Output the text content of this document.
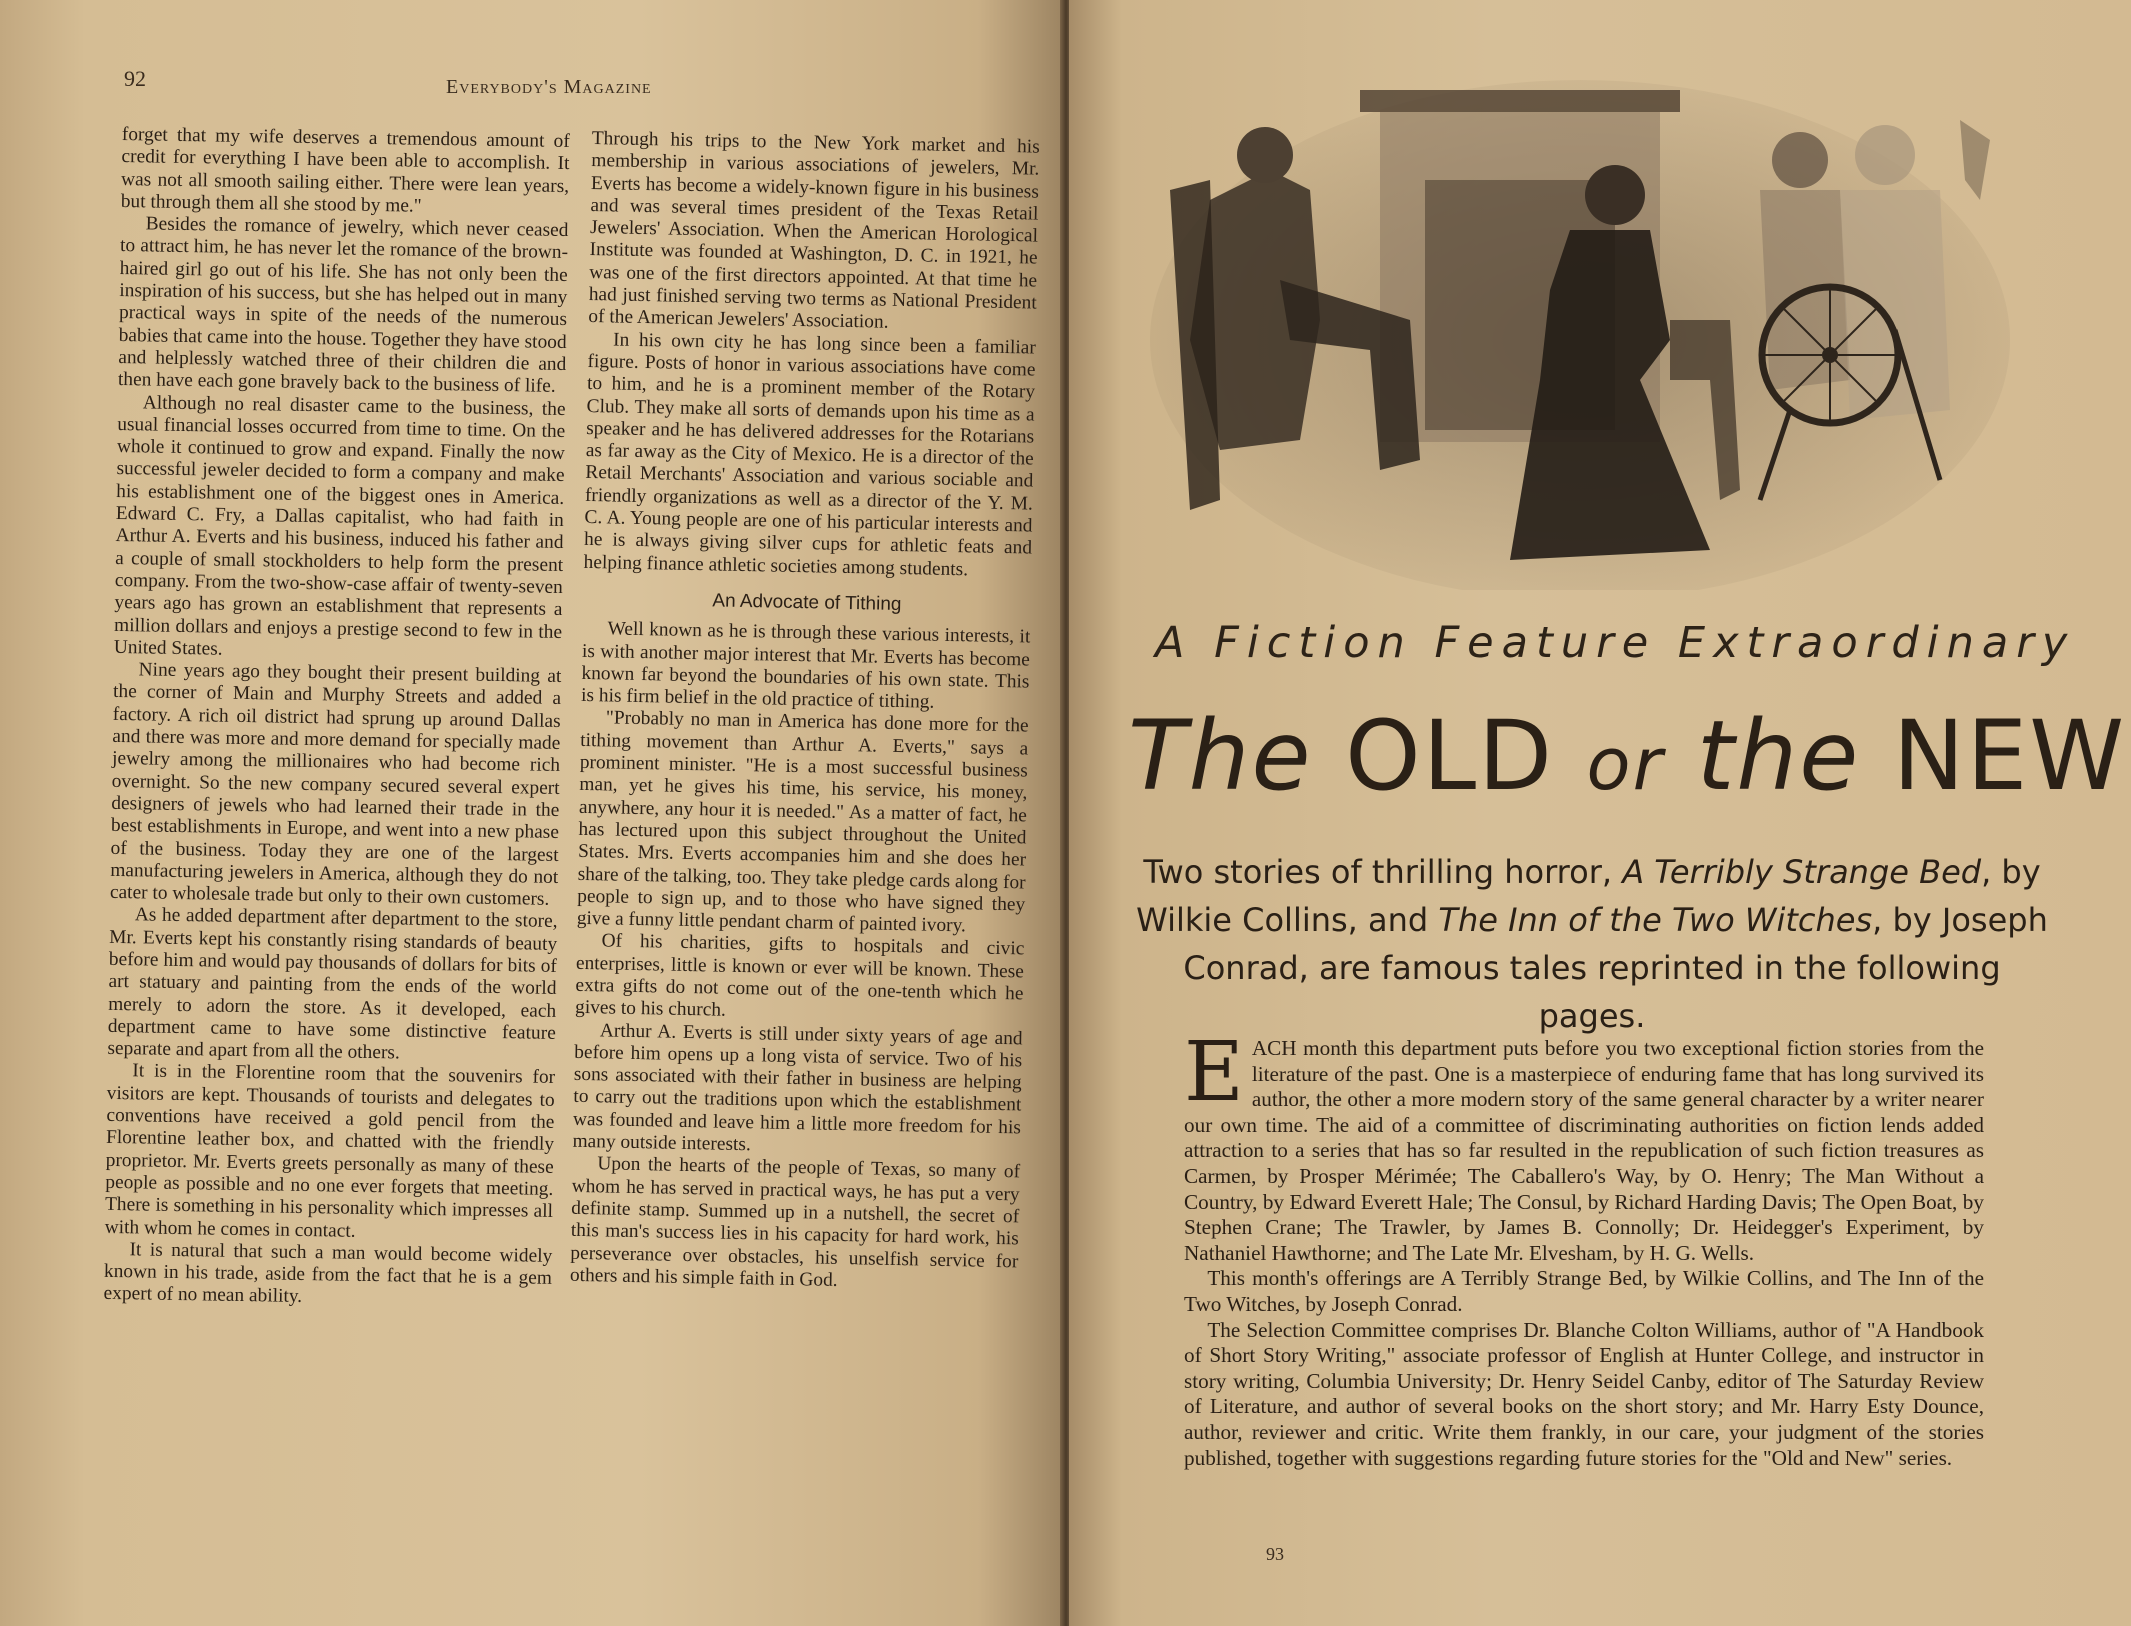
92	Everybody's Magazine

forget that my wife deserves a tremendous amount of credit for everything I have been able to accomplish. It was not all smooth sailing either. There were lean years, but through them all she stood by me."

Besides the romance of jewelry, which never ceased to attract him, he has never let the romance of the brown-haired girl go out of his life. She has not only been the inspiration of his success, but she has helped out in many practical ways in spite of the needs of the numerous babies that came into the house. Together they have stood and helplessly watched three of their children die and then have each gone bravely back to the business of life.

Although no real disaster came to the business, the usual financial losses occurred from time to time. On the whole it continued to grow and expand. Finally the now successful jeweler decided to form a company and make his establishment one of the biggest ones in America. Edward C. Fry, a Dallas capitalist, who had faith in Arthur A. Everts and his business, induced his father and a couple of small stockholders to help form the present company. From the two-show-case affair of twenty-seven years ago has grown an establishment that represents a million dollars and enjoys a prestige second to few in the United States.

Nine years ago they bought their present building at the corner of Main and Murphy Streets and added a factory. A rich oil district had sprung up around Dallas and there was more and more demand for specially made jewelry among the millionaires who had become rich overnight. So the new company secured several expert designers of jewels who had learned their trade in the best establishments in Europe, and went into a new phase of the business. Today they are one of the largest manufacturing jewelers in America, although they do not cater to wholesale trade but only to their own customers.

As he added department after department to the store, Mr. Everts kept his constantly rising standards of beauty before him and would pay thousands of dollars for bits of art statuary and painting from the ends of the world merely to adorn the store. As it developed, each department came to have some distinctive feature separate and apart from all the others.

It is in the Florentine room that the souvenirs for visitors are kept. Thousands of tourists and delegates to conventions have received a gold pencil from the Florentine leather box, and chatted with the friendly proprietor. Mr. Everts greets personally as many of these people as possible and no one ever forgets that meeting. There is something in his personality which impresses all with whom he comes in contact.

It is natural that such a man would become widely known in his trade, aside from the fact that he is a gem expert of no mean ability.

Through his trips to the New York market and his membership in various associations of jewelers, Mr. Everts has become a widely-known figure in his business and was several times president of the Texas Retail Jewelers' Association. When the American Horological Institute was founded at Washington, D. C. in 1921, he was one of the first directors appointed. At that time he had just finished serving two terms as National President of the American Jewelers' Association.

In his own city he has long since been a familiar figure. Posts of honor in various associations have come to him, and he is a prominent member of the Rotary Club. They make all sorts of demands upon his time as a speaker and he has delivered addresses for the Rotarians as far away as the City of Mexico. He is a director of the Retail Merchants' Association and various sociable and friendly organizations as well as a director of the Y. M. C. A. Young people are one of his particular interests and he is always giving silver cups for athletic feats and helping finance athletic societies among students.

An Advocate of Tithing

Well known as he is through these various interests, it is with another major interest that Mr. Everts has become known far beyond the boundaries of his own state. This is his firm belief in the old practice of tithing.

"Probably no man in America has done more for the tithing movement than Arthur A. Everts," says a prominent minister. "He is a most successful business man, yet he gives his time, his service, his money, anywhere, any hour it is needed." As a matter of fact, he has lectured upon this subject throughout the United States. Mrs. Everts accompanies him and she does her share of the talking, too. They take pledge cards along for people to sign up, and to those who have signed they give a funny little pendant charm of painted ivory.

Of his charities, gifts to hospitals and civic enterprises, little is known or ever will be known. These extra gifts do not come out of the one-tenth which he gives to his church.

Arthur A. Everts is still under sixty years of age and before him opens up a long vista of service. Two of his sons associated with their father in business are helping to carry out the traditions upon which the establishment was founded and leave him a little more freedom for his many outside interests.

Upon the hearts of the people of Texas, so many of whom he has served in practical ways, he has put a very definite stamp. Summed up in a nutshell, the secret of this man's success lies in his capacity for hard work, his perseverance over obstacles, his unselfish service for others and his simple faith in God.

A Fiction Feature Extraordinary
The OLD or the NEW
Two stories of thrilling horror, A Terribly Strange Bed, by Wilkie Collins, and The Inn of the Two Witches, by Joseph Conrad, are famous tales reprinted in the following pages.

EACH month this department puts before you two exceptional fiction stories from the literature of the past. One is a masterpiece of enduring fame that has long survived its author, the other a more modern story of the same general character by a writer nearer our own time. The aid of a committee of discriminating authorities on fiction lends added attraction to a series that has so far resulted in the republication of such fiction treasures as Carmen, by Prosper Mérimée; The Caballero's Way, by O. Henry; The Man Without a Country, by Edward Everett Hale; The Consul, by Richard Harding Davis; The Open Boat, by Stephen Crane; The Trawler, by James B. Connolly; Dr. Heidegger's Experiment, by Nathaniel Hawthorne; and The Late Mr. Elvesham, by H. G. Wells.

This month's offerings are A Terribly Strange Bed, by Wilkie Collins, and The Inn of the Two Witches, by Joseph Conrad.

The Selection Committee comprises Dr. Blanche Colton Williams, author of "A Handbook of Short Story Writing," associate professor of English at Hunter College, and instructor in story writing, Columbia University; Dr. Henry Seidel Canby, editor of The Saturday Review of Literature, and author of several books on the short story; and Mr. Harry Esty Dounce, author, reviewer and critic. Write them frankly, in our care, your judgment of the stories published, together with suggestions regarding future stories for the "Old and New" series.

93
